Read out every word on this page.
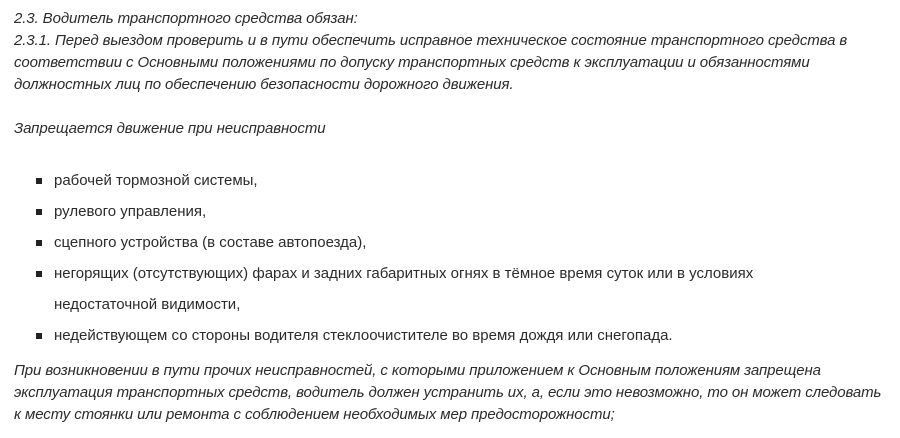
2.3. Водитель транспортного средства обязан:
2.3.1. Перед выездом проверить и в пути обеспечить исправное техническое состояние транспортного средства в
соответствии с Основными положениями по допуску транспортных средств к эксплуатации и обязанностями
должностных лиц по обеспечению безопасности дорожного движения.
Запрещается движение при неисправности
рабочей тормозной системы,
рулевого управления,
сцепного устройства (в составе автопоезда),
негорящих (отсутствующих) фарах и задних габаритных огнях в тёмное время суток или в условиях
недостаточной видимости,
недействующем со стороны водителя стеклоочистителе во время дождя или снегопада.
При возникновении в пути прочих неисправностей, с которыми приложением к Основным положениям запрещена
эксплуатация транспортных средств, водитель должен устранить их, а, если это невозможно, то он может следовать
к месту стоянки или ремонта с соблюдением необходимых мер предосторожности;
